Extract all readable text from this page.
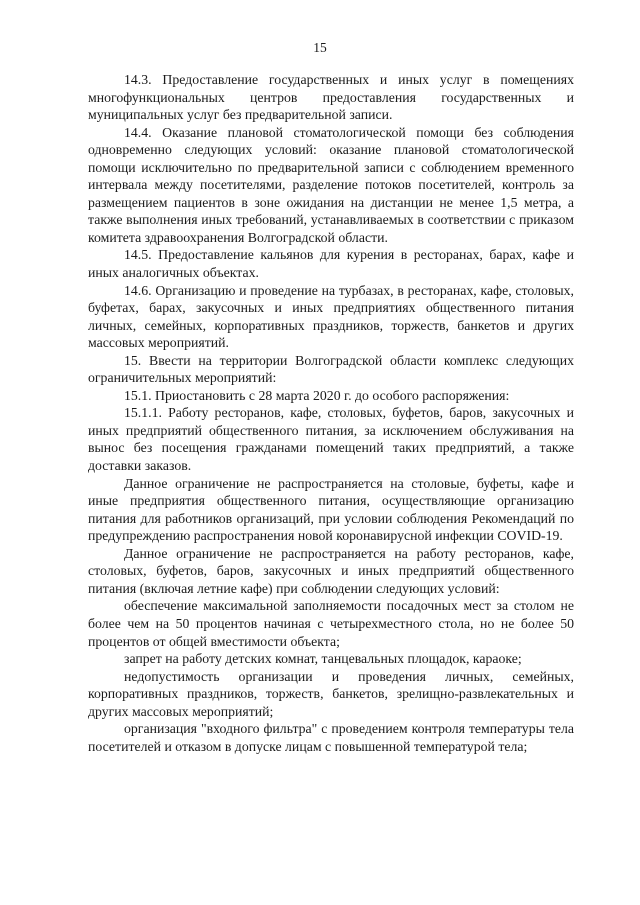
15

14.3. Предоставление государственных и иных услуг в помещениях многофункциональных центров предоставления государственных и муниципальных услуг без предварительной записи.

14.4. Оказание плановой стоматологической помощи без соблюдения одновременно следующих условий: оказание плановой стоматологической помощи исключительно по предварительной записи с соблюдением временного интервала между посетителями, разделение потоков посетителей, контроль за размещением пациентов в зоне ожидания на дистанции не менее 1,5 метра, а также выполнения иных требований, устанавливаемых в соответствии с приказом комитета здравоохранения Волгоградской области.

14.5. Предоставление кальянов для курения в ресторанах, барах, кафе и иных аналогичных объектах.

14.6. Организацию и проведение на турбазах, в ресторанах, кафе, столовых, буфетах, барах, закусочных и иных предприятиях общественного питания личных, семейных, корпоративных праздников, торжеств, банкетов и других массовых мероприятий.

15. Ввести на территории Волгоградской области комплекс следующих ограничительных мероприятий:

15.1. Приостановить с 28 марта 2020 г. до особого распоряжения:

15.1.1. Работу ресторанов, кафе, столовых, буфетов, баров, закусочных и иных предприятий общественного питания, за исключением обслуживания на вынос без посещения гражданами помещений таких предприятий, а также доставки заказов.

Данное ограничение не распространяется на столовые, буфеты, кафе и иные предприятия общественного питания, осуществляющие организацию питания для работников организаций, при условии соблюдения Рекомендаций по предупреждению распространения новой коронавирусной инфекции COVID-19.

Данное ограничение не распространяется на работу ресторанов, кафе, столовых, буфетов, баров, закусочных и иных предприятий общественного питания (включая летние кафе) при соблюдении следующих условий:

обеспечение максимальной заполняемости посадочных мест за столом не более чем на 50 процентов начиная с четырехместного стола, но не более 50 процентов от общей вместимости объекта;

запрет на работу детских комнат, танцевальных площадок, караоке;

недопустимость организации и проведения личных, семейных, корпоративных праздников, торжеств, банкетов, зрелищно-развлекательных и других массовых мероприятий;

организация "входного фильтра" с проведением контроля температуры тела посетителей и отказом в допуске лицам с повышенной температурой тела;
